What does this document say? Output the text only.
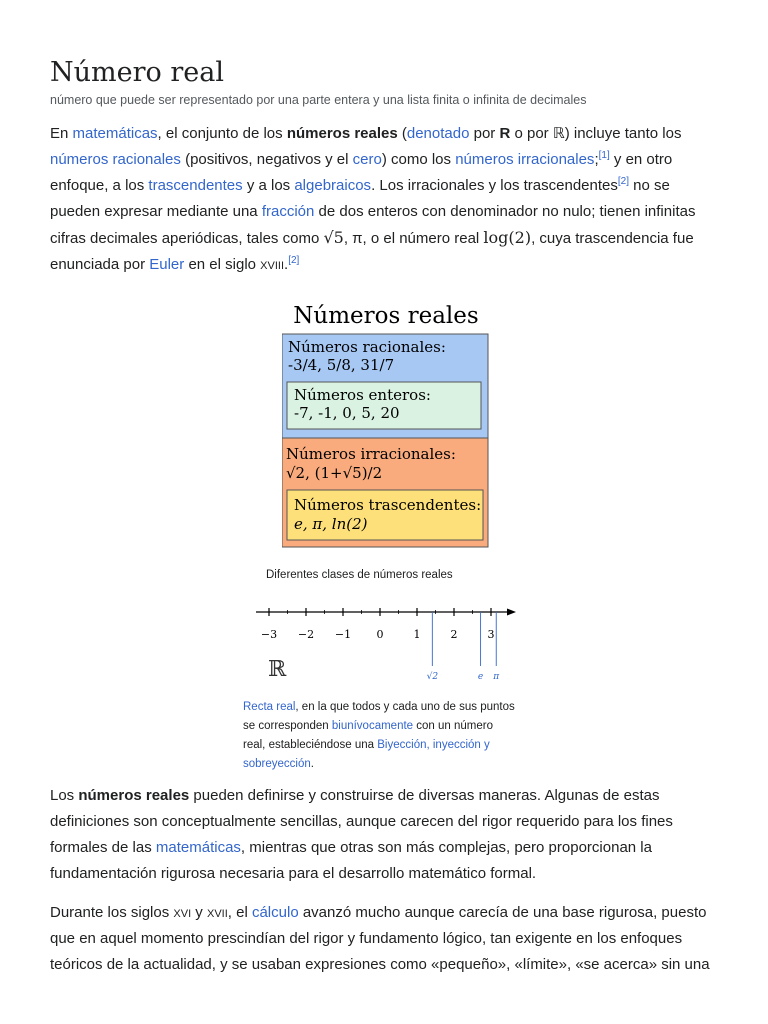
Número real
número que puede ser representado por una parte entera y una lista finita o infinita de decimales

En matemáticas, el conjunto de los números reales (denotado por R o por ℝ) incluye tanto los números racionales (positivos, negativos y el cero) como los números irracionales;[1] y en otro enfoque, a los trascendentes y a los algebraicos. Los irracionales y los trascendentes[2] no se pueden expresar mediante una fracción de dos enteros con denominador no nulo; tienen infinitas cifras decimales aperiódicas, tales como √5, π, o el número real log(2), cuya trascendencia fue enunciada por Euler en el siglo xviii.[2]

Números reales
Números racionales:
-3/4, 5/8, 31/7
Números enteros:
-7, -1, 0, 5, 20
Números irracionales:
√2, (1+√5)/2
Números trascendentes:
e, π, ln(2)
Diferentes clases de números reales
−3 −2 −1 0	1	2	3
√2	e π
ℝ

Recta real, en la que todos y cada uno de sus puntos se corresponden biunívocamente con un número real, estableciéndose una Biyección, inyección y sobreyección.

Los números reales pueden definirse y construirse de diversas maneras. Algunas de estas definiciones son conceptualmente sencillas, aunque carecen del rigor requerido para los fines formales de las matemáticas, mientras que otras son más complejas, pero proporcionan la fundamentación rigurosa necesaria para el desarrollo matemático formal.

Durante los siglos xvi y xvii, el cálculo avanzó mucho aunque carecía de una base rigurosa, puesto que en aquel momento prescindían del rigor y fundamento lógico, tan exigente en los enfoques teóricos de la actualidad, y se usaban expresiones como «pequeño», «límite», «se acerca» sin una
